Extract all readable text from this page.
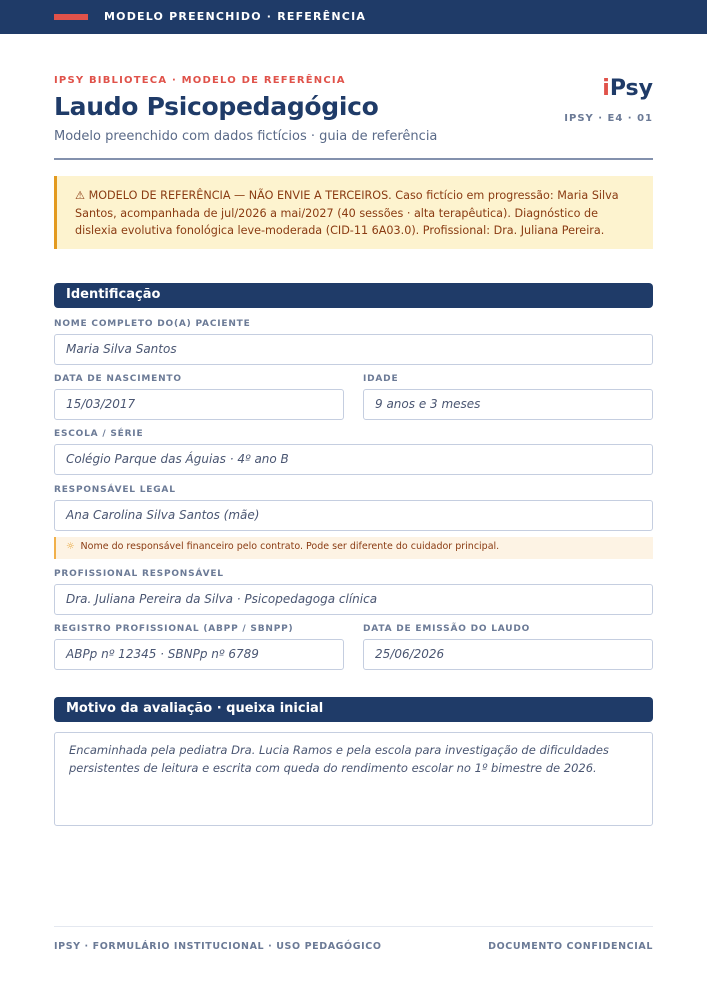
MODELO PREENCHIDO · REFERÊNCIA
IPSY BIBLIOTECA · MODELO DE REFERÊNCIA
Laudo Psicopedagógico
Modelo preenchido com dados fictícios · guia de referência
iPsy
IPSY · E4 · 01
⚠ MODELO DE REFERÊNCIA — NÃO ENVIE A TERCEIROS. Caso fictício em progressão: Maria Silva Santos, acompanhada de jul/2026 a mai/2027 (40 sessões · alta terapêutica). Diagnóstico de dislexia evolutiva fonológica leve-moderada (CID-11 6A03.0). Profissional: Dra. Juliana Pereira.
Identificação
NOME COMPLETO DO(A) PACIENTE
Maria Silva Santos
DATA DE NASCIMENTO
15/03/2017
IDADE
9 anos e 3 meses
ESCOLA / SÉRIE
Colégio Parque das Águias · 4º ano B
RESPONSÁVEL LEGAL
Ana Carolina Silva Santos (mãe)
☼ Nome do responsável financeiro pelo contrato. Pode ser diferente do cuidador principal.
PROFISSIONAL RESPONSÁVEL
Dra. Juliana Pereira da Silva · Psicopedagoga clínica
REGISTRO PROFISSIONAL (ABPP / SBNPP)
ABPp nº 12345 · SBNPp nº 6789
DATA DE EMISSÃO DO LAUDO
25/06/2026
Motivo da avaliação · queixa inicial
Encaminhada pela pediatra Dra. Lucia Ramos e pela escola para investigação de dificuldades persistentes de leitura e escrita com queda do rendimento escolar no 1º bimestre de 2026.
IPSY · FORMULÁRIO INSTITUCIONAL · USO PEDAGÓGICO	DOCUMENTO CONFIDENCIAL
